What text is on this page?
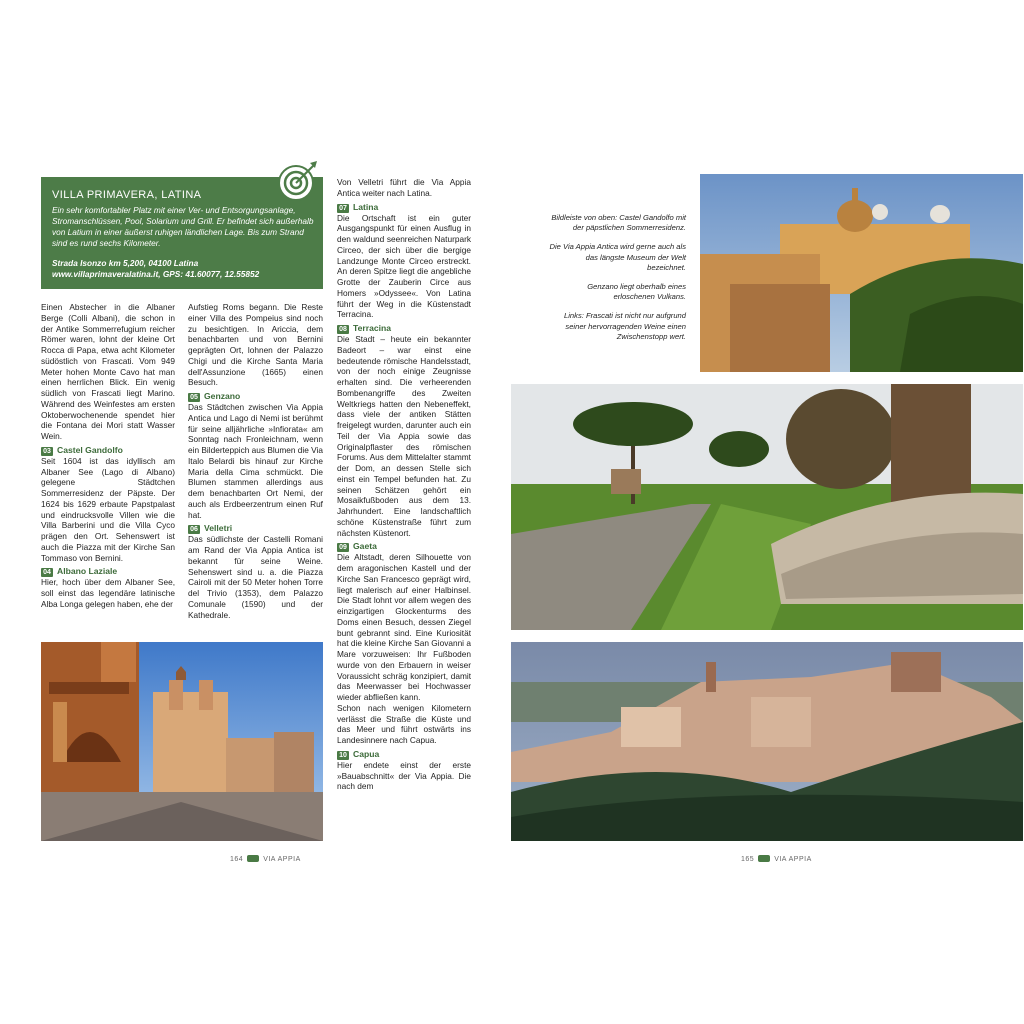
VILLA PRIMAVERA, LATINA
Ein sehr komfortabler Platz mit einer Ver- und Entsorgungsanlage, Stromanschlüssen, Pool, Solarium und Grill. Er befindet sich außerhalb von Latium in einer äußerst ruhigen ländlichen Lage. Bis zum Strand sind es rund sechs Kilometer.
Strada Isonzo km 5,200, 04100 Latina
www.villaprimaveralatina.it, GPS: 41.60077, 12.55852

Einen Abstecher in die Albaner Berge (Colli Albani), die schon in der Antike Sommerrefugium reicher Römer waren, lohnt der kleine Ort Rocca di Papa, etwa acht Kilometer südöstlich von Frascati. Vom 949 Meter hohen Monte Cavo hat man einen herrlichen Blick. Ein wenig südlich von Frascati liegt Marino. Während des Weinfestes am ersten Oktoberwochenende spendet hier die Fontana dei Mori statt Wasser Wein.

03 Castel Gandolfo

Seit 1604 ist das idyllisch am Albaner See (Lago di Albano) gelegene Städtchen Sommerresidenz der Päpste. Der 1624 bis 1629 erbaute Papstpalast und eindrucksvolle Villen wie die Villa Barberini und die Villa Cyco prägen den Ort. Sehenswert ist auch die Piazza mit der Kirche San Tommaso von Bernini.

04 Albano Laziale

Hier, hoch über dem Albaner See, soll einst das legendäre latinische Alba Longa gelegen haben, ehe der

Aufstieg Roms begann. Die Reste einer Villa des Pompeius sind noch zu besichtigen. In Ariccia, dem benachbarten und von Bernini geprägten Ort, lohnen der Palazzo Chigi und die Kirche Santa Maria dell'Assunzione (1665) einen Besuch.

05 Genzano

Das Städtchen zwischen Via Appia Antica und Lago di Nemi ist berühmt für seine alljährliche »Infiorata« am Sonntag nach Fronleichnam, wenn ein Bilderteppich aus Blumen die Via Italo Belardi bis hinauf zur Kirche Maria della Cima schmückt. Die Blumen stammen allerdings aus dem benachbarten Ort Nemi, der auch als Erdbeerzentrum einen Ruf hat.

06 Velletri

Das südlichste der Castelli Romani am Rand der Via Appia Antica ist bekannt für seine Weine. Sehenswert sind u. a. die Piazza Cairoli mit der 50 Meter hohen Torre del Trivio (1353), dem Palazzo Comunale (1590) und der Kathedrale.

Von Velletri führt die Via Appia Antica weiter nach Latina.

07 Latina

Die Ortschaft ist ein guter Ausgangspunkt für einen Ausflug in den waldund seenreichen Naturpark Circeo, der sich über die bergige Landzunge Monte Circeo erstreckt. An deren Spitze liegt die angebliche Grotte der Zauberin Circe aus Homers »Odyssee«. Von Latina führt der Weg in die Küstenstadt Terracina.

08 Terracina

Die Stadt – heute ein bekannter Badeort – war einst eine bedeutende römische Handelsstadt, von der noch einige Zeugnisse erhalten sind. Die verheerenden Bombenangriffe des Zweiten Weltkriegs hatten den Nebeneffekt, dass viele der antiken Stätten freigelegt wurden, darunter auch ein Teil der Via Appia sowie das Originalpflaster des römischen Forums. Aus dem Mittelalter stammt der Dom, an dessen Stelle sich einst ein Tempel befunden hat. Zu seinen Schätzen gehört ein Mosaikfußboden aus dem 13. Jahrhundert. Eine landschaftlich schöne Küstenstraße führt zum nächsten Küstenort.

09 Gaeta

Die Altstadt, deren Silhouette von dem aragonischen Kastell und der Kirche San Francesco geprägt wird, liegt malerisch auf einer Halbinsel. Die Stadt lohnt vor allem wegen des einzigartigen Glockenturms des Doms einen Besuch, dessen Ziegel bunt gebrannt sind. Eine Kuriosität hat die kleine Kirche San Giovanni a Mare vorzuweisen: Ihr Fußboden wurde von den Erbauern in weiser Voraussicht schräg konzipiert, damit das Meerwasser bei Hochwasser wieder abfließen kann.

Schon nach wenigen Kilometern verlässt die Straße die Küste und das Meer und führt ostwärts ins Landesinnere nach Capua.

10 Capua

Hier endete einst der erste »Bauabschnitt« der Via Appia. Die nach dem

Bildleiste von oben: Castel Gandolfo mit der päpstlichen Sommerresidenz.

Die Via Appia Antica wird gerne auch als das längste Museum der Welt bezeichnet.

Genzano liegt oberhalb eines erloschenen Vulkans.

Links: Frascati ist nicht nur aufgrund seiner hervorragenden Weine einen Zwischenstopp wert.

164	VIA APPIA	165	VIA APPIA
